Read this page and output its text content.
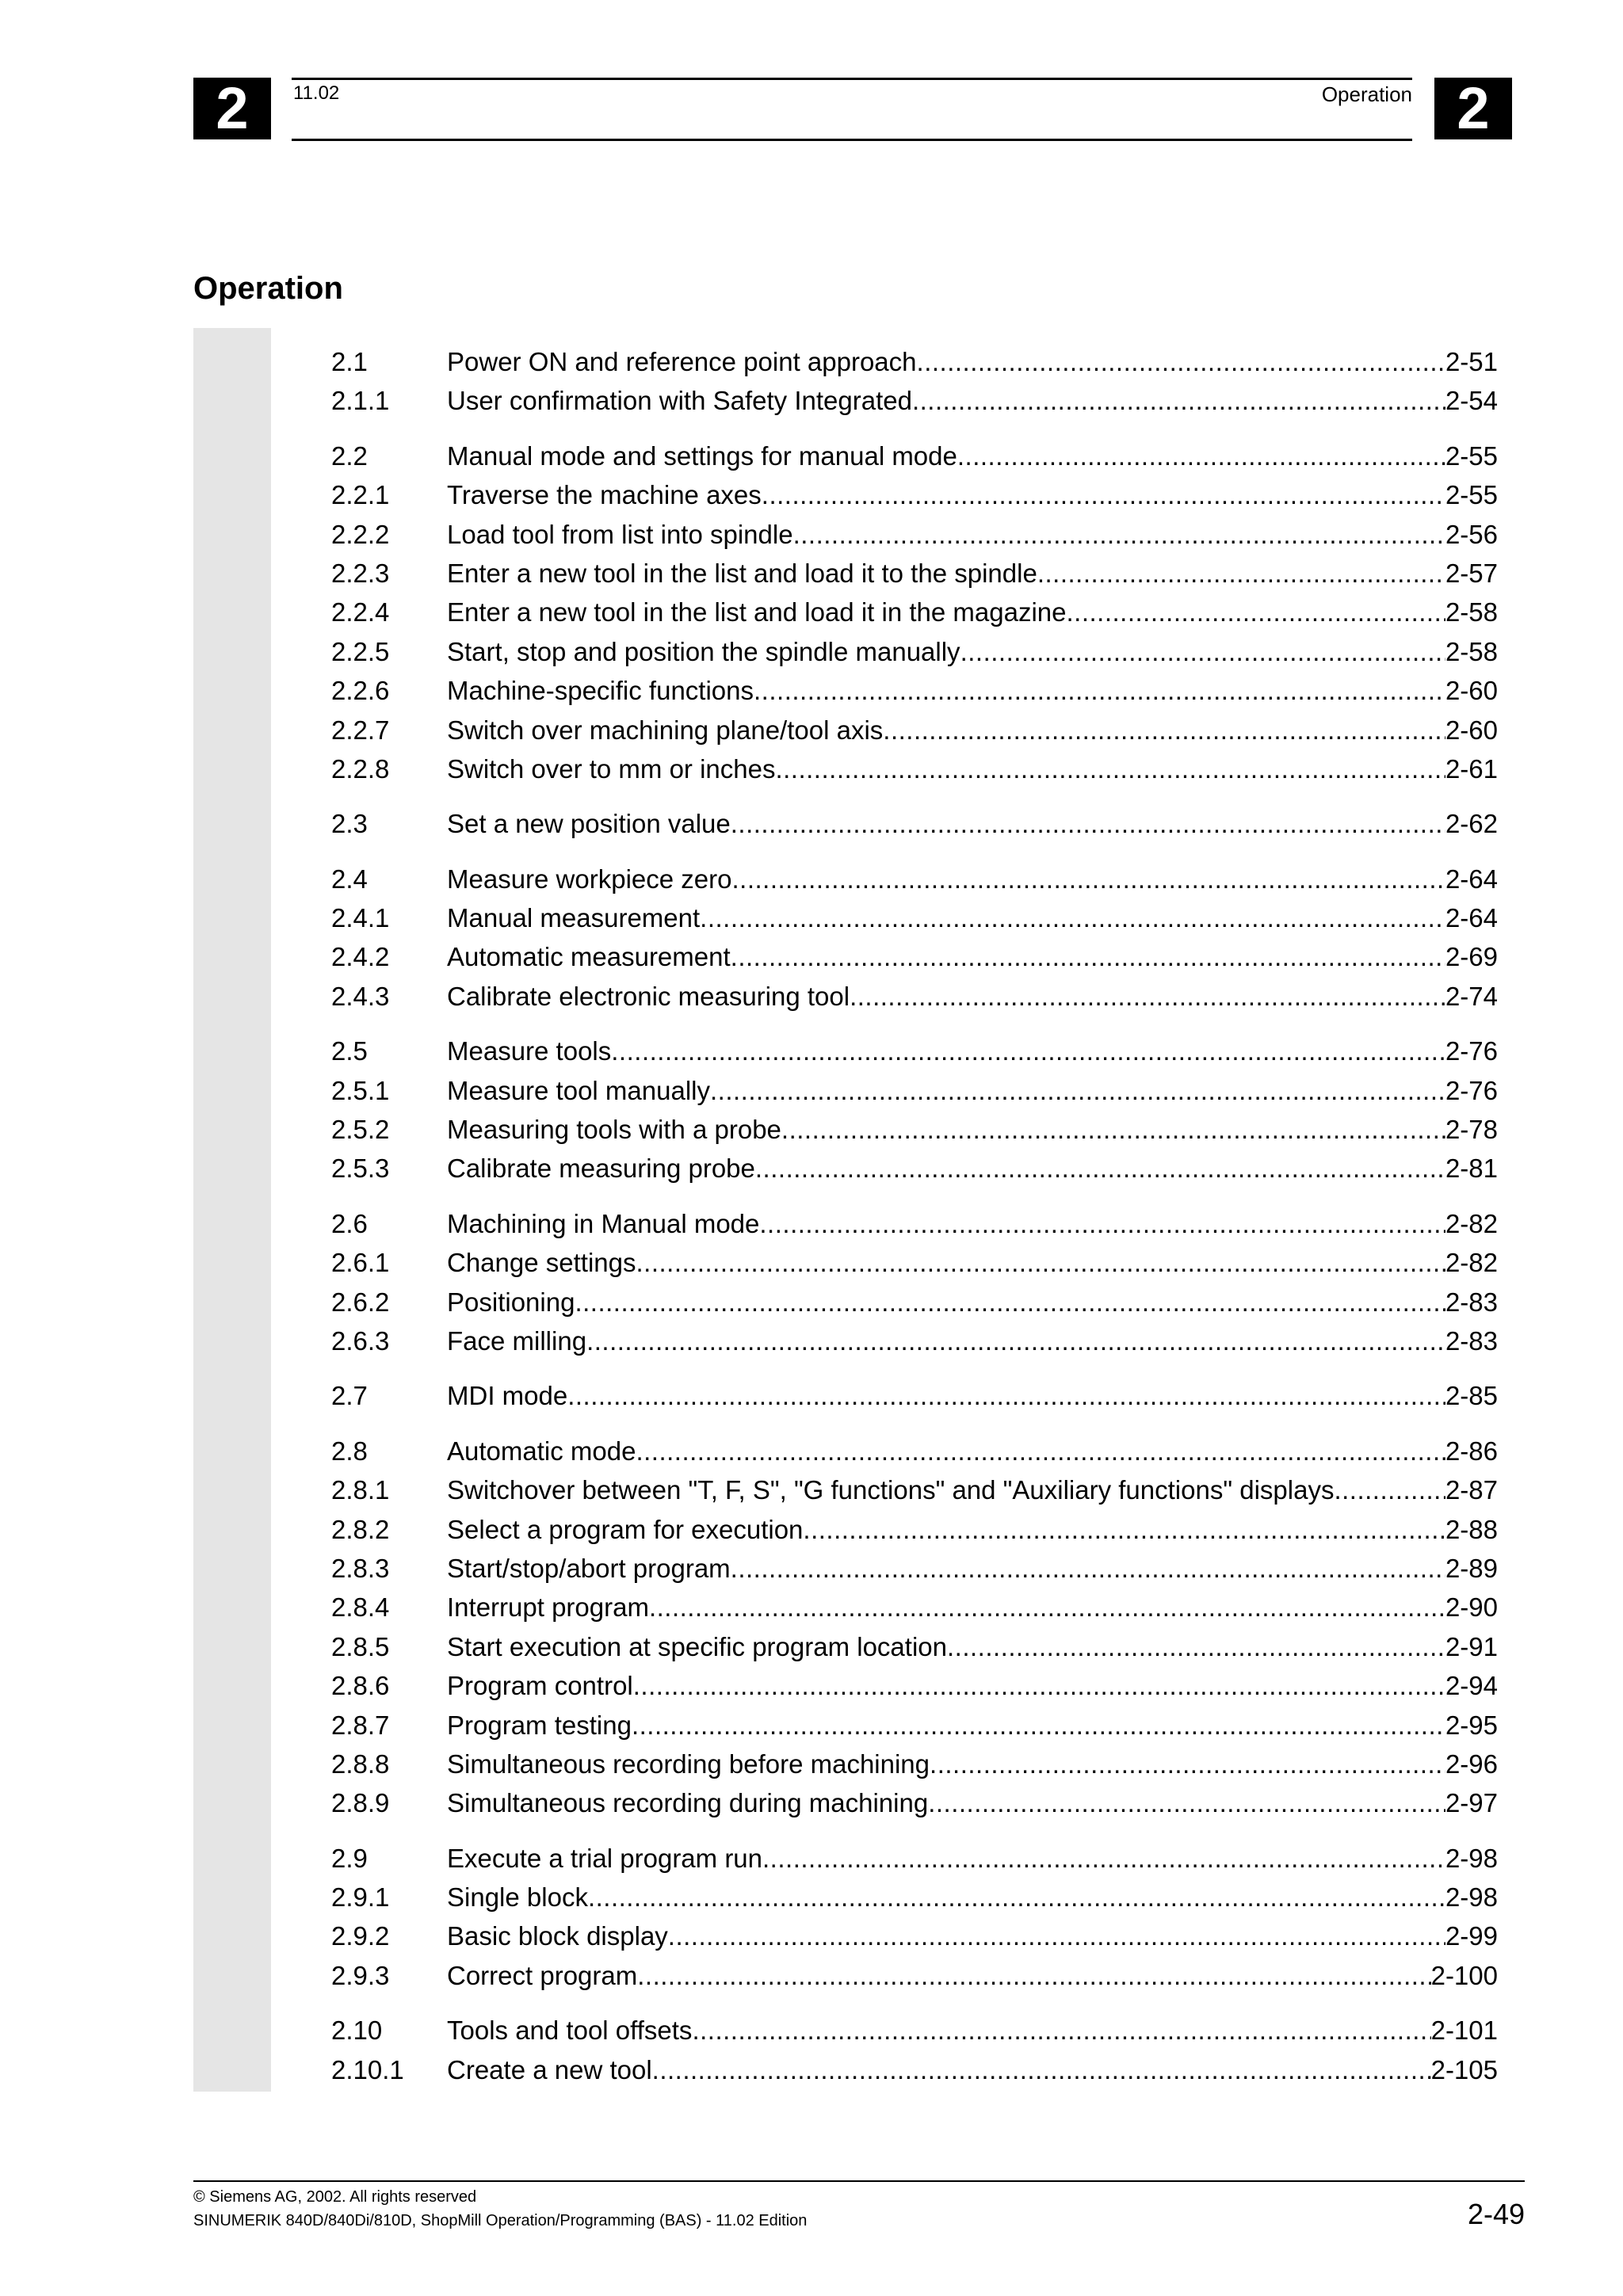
2	11.02	Operation 2
Operation
2.1	Power ON and reference point approach .....	2-51
2.1.1	User confirmation with Safety Integrated .....	2-54
2.2	Manual mode and settings for manual mode .....	2-55
2.2.1	Traverse the machine axes .....	2-55
2.2.2	Load tool from list into spindle .....	2-56
2.2.3	Enter a new tool in the list and load it to the spindle .....	2-57
2.2.4	Enter a new tool in the list and load it in the magazine .....	2-58
2.2.5	Start, stop and position the spindle manually .....	2-58
2.2.6	Machine-specific functions .....	2-60
2.2.7	Switch over machining plane/tool axis .....	2-60
2.2.8	Switch over to mm or inches .....	2-61
2.3	Set a new position value .....	2-62
2.4	Measure workpiece zero .....	2-64
2.4.1	Manual measurement .....	2-64
2.4.2	Automatic measurement .....	2-69
2.4.3	Calibrate electronic measuring tool .....	2-74
2.5	Measure tools .....	2-76
2.5.1	Measure tool manually .....	2-76
2.5.2	Measuring tools with a probe .....	2-78
2.5.3	Calibrate measuring probe .....	2-81
2.6	Machining in Manual mode .....	2-82
2.6.1	Change settings .....	2-82
2.6.2	Positioning .....	2-83
2.6.3	Face milling .....	2-83
2.7	MDI mode .....	2-85
2.8	Automatic mode .....	2-86
2.8.1	Switchover between "T, F, S", "G functions" and "Auxiliary functions" displays .....	2-87
2.8.2	Select a program for execution .....	2-88
2.8.3	Start/stop/abort program .....	2-89
2.8.4	Interrupt program .....	2-90
2.8.5	Start execution at specific program location .....	2-91
2.8.6	Program control .....	2-94
2.8.7	Program testing .....	2-95
2.8.8	Simultaneous recording before machining .....	2-96
2.8.9	Simultaneous recording during machining .....	2-97
2.9	Execute a trial program run .....	2-98
2.9.1	Single block .....	2-98
2.9.2	Basic block display .....	2-99
2.9.3	Correct program .....	2-100
2.10	Tools and tool offsets .....	2-101
2.10.1	Create a new tool .....	2-105
© Siemens AG, 2002. All rights reserved
SINUMERIK 840D/840Di/810D, ShopMill Operation/Programming (BAS) - 11.02 Edition	2-49
